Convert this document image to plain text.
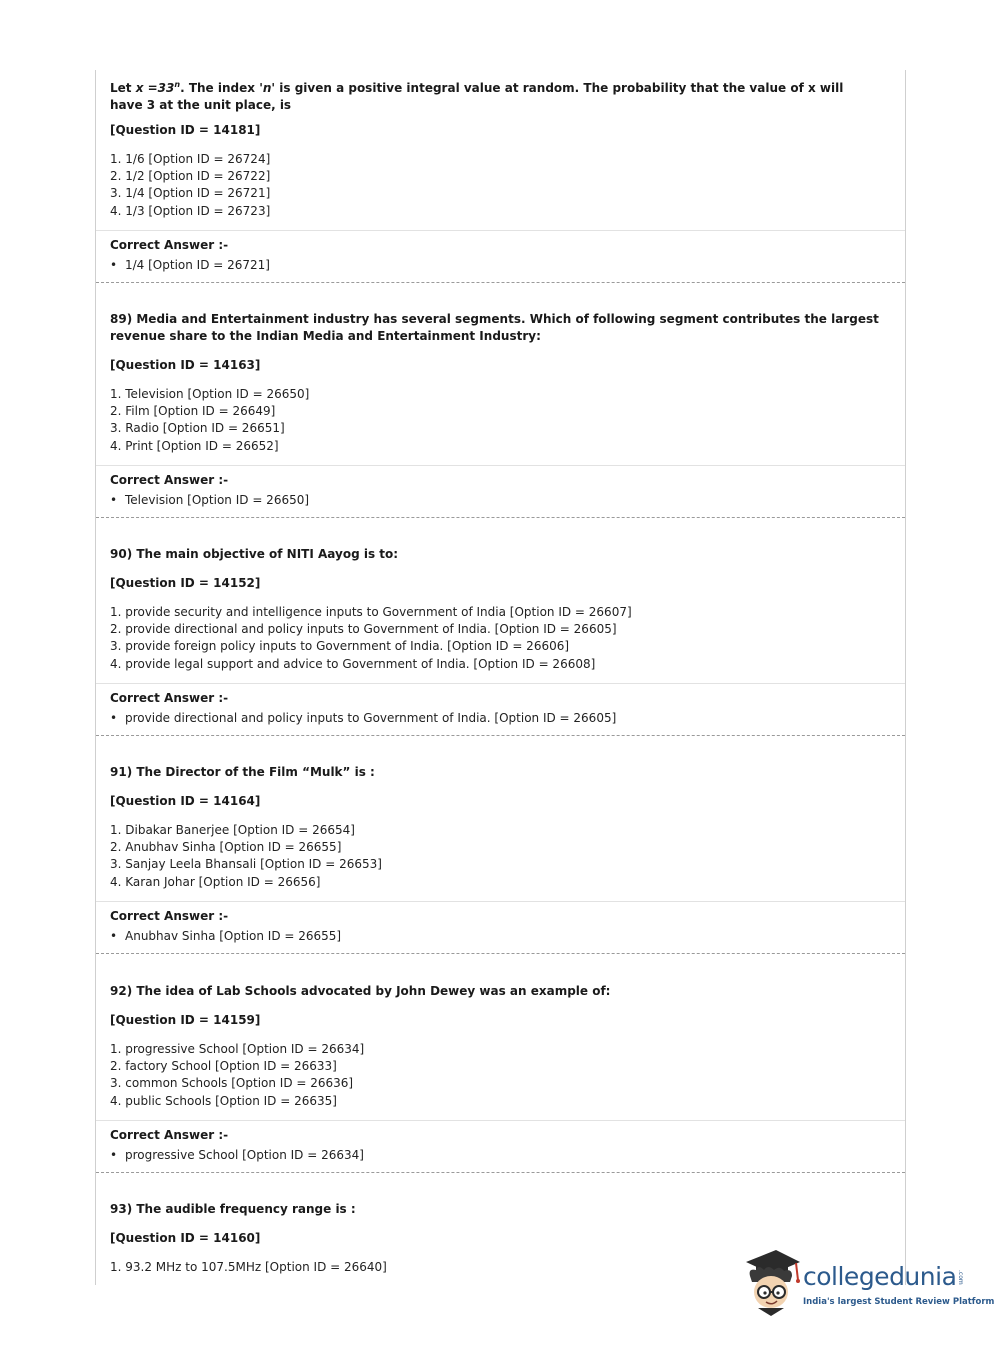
Let $x =33^n$. The index 'n' is given a positive integral value at random. The probability that the value of x will have 3 at the unit place, is
[Question ID = 14181]
1. 1/6 [Option ID = 26724]
2. 1/2 [Option ID = 26722]
3. 1/4 [Option ID = 26721]
4. 1/3 [Option ID = 26723]
Correct Answer :-
• 1/4 [Option ID = 26721]
89) Media and Entertainment industry has several segments. Which of following segment contributes the largest revenue share to the Indian Media and Entertainment Industry:
[Question ID = 14163]
1. Television [Option ID = 26650]
2. Film [Option ID = 26649]
3. Radio [Option ID = 26651]
4. Print [Option ID = 26652]
Correct Answer :-
• Television [Option ID = 26650]
90) The main objective of NITI Aayog is to:
[Question ID = 14152]
1. provide security and intelligence inputs to Government of India [Option ID = 26607]
2. provide directional and policy inputs to Government of India. [Option ID = 26605]
3. provide foreign policy inputs to Government of India. [Option ID = 26606]
4. provide legal support and advice to Government of India. [Option ID = 26608]
Correct Answer :-
• provide directional and policy inputs to Government of India. [Option ID = 26605]
91) The Director of the Film “Mulk” is :
[Question ID = 14164]
1. Dibakar Banerjee [Option ID = 26654]
2. Anubhav Sinha [Option ID = 26655]
3. Sanjay Leela Bhansali [Option ID = 26653]
4. Karan Johar [Option ID = 26656]
Correct Answer :-
• Anubhav Sinha [Option ID = 26655]
92) The idea of Lab Schools advocated by John Dewey was an example of:
[Question ID = 14159]
1. progressive School [Option ID = 26634]
2. factory School [Option ID = 26633]
3. common Schools [Option ID = 26636]
4. public Schools [Option ID = 26635]
Correct Answer :-
• progressive School [Option ID = 26634]
93) The audible frequency range is :
[Question ID = 14160]
1. 93.2 MHz to 107.5MHz [Option ID = 26640]	collegedunia .com
India's largest Student Review Platform
